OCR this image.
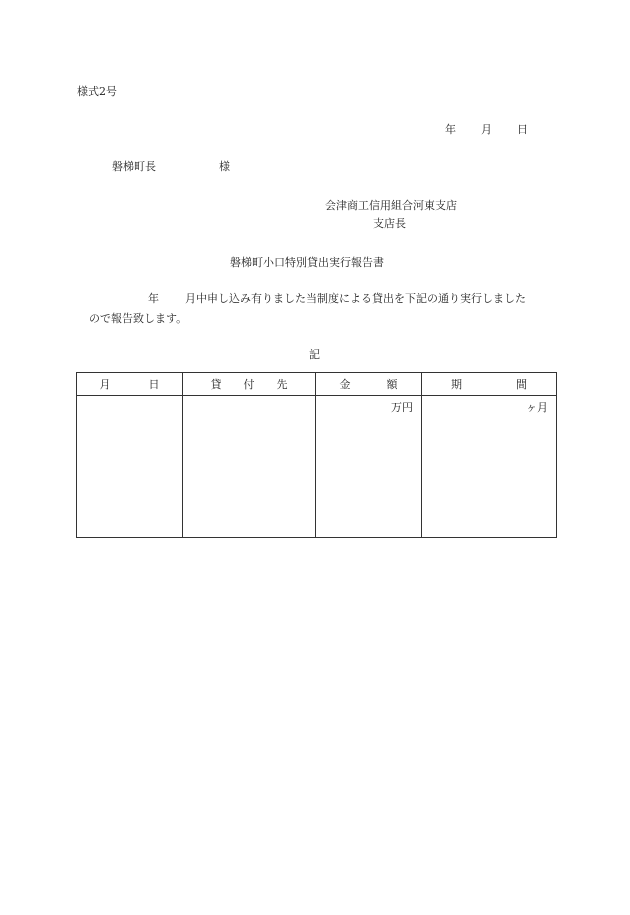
様式2号
年 月 日
磐梯町長	様
会津商工信用組合河東支店
支店長
磐梯町小口特別貸出実行報告書
年 月中申し込み有りました当制度による貸出を下記の通り実行しました
ので報告致します。
記
月 日	貸 付 先	金 額	期 間

		万円	ヶ月
